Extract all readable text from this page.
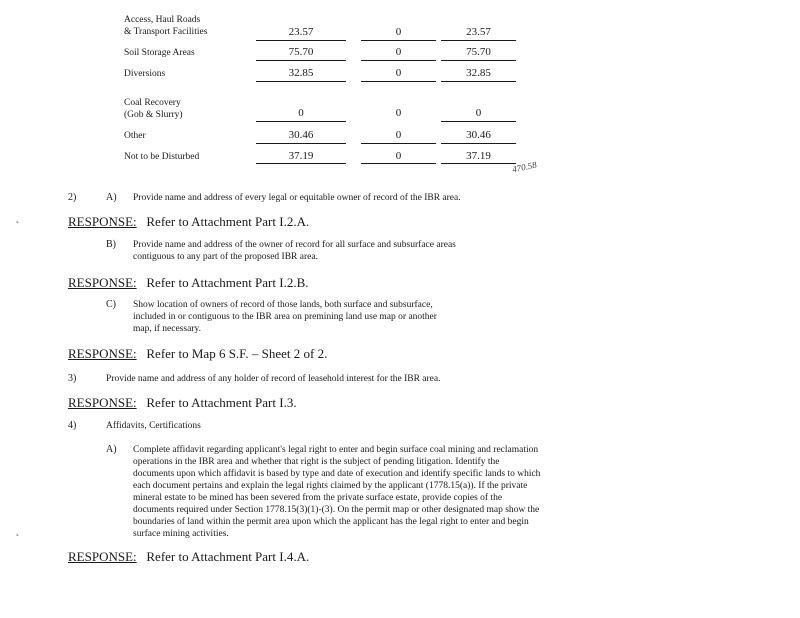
Access, Haul Roads
& Transport Facilities	23.57	0	23.57
Soil Storage Areas	75.70	0	75.70
Diversions	32.85	0	32.85
Coal Recovery
(Gob & Slurry)	0	0	0
Other	30.46	0	30.46
Not to be Disturbed	37.19	0	37.19
470.58
2)	A) Provide name and address of every legal or equitable owner of record of the IBR area.
˛	RESPONSE: Refer to Attachment Part I.2.A.
B) Provide name and address of the owner of record for all surface and subsurface areas
contiguous to any part of the proposed IBR area.
RESPONSE: Refer to Attachment Part I.2.B.
C) Show location of owners of record of those lands, both surface and subsurface,
included in or contiguous to the IBR area on premining land use map or another
map, if necessary.
RESPONSE: Refer to Map 6 S.F. – Sheet 2 of 2.
3)	Provide name and address of any holder of record of leasehold interest for the IBR area.
RESPONSE: Refer to Attachment Part I.3.
4)	Affidavits, Certifications
A) Complete affidavit regarding applicant's legal right to enter and begin surface coal mining and reclamation
operations in the IBR area and whether that right is the subject of pending litigation. Identify the
documents upon which affidavit is based by type and date of execution and identify specific lands to which
each document pertains and explain the legal rights claimed by the applicant (1778.15(a)). If the private
mineral estate to be mined has been severed from the private surface estate, provide copies of the
documents required under Section 1778.15(3)(1)-(3). On the permit map or other designated map show the
boundaries of land within the permit area upon which the applicant has the legal right to enter and begin
surface mining activities.
˛
RESPONSE: Refer to Attachment Part I.4.A.
